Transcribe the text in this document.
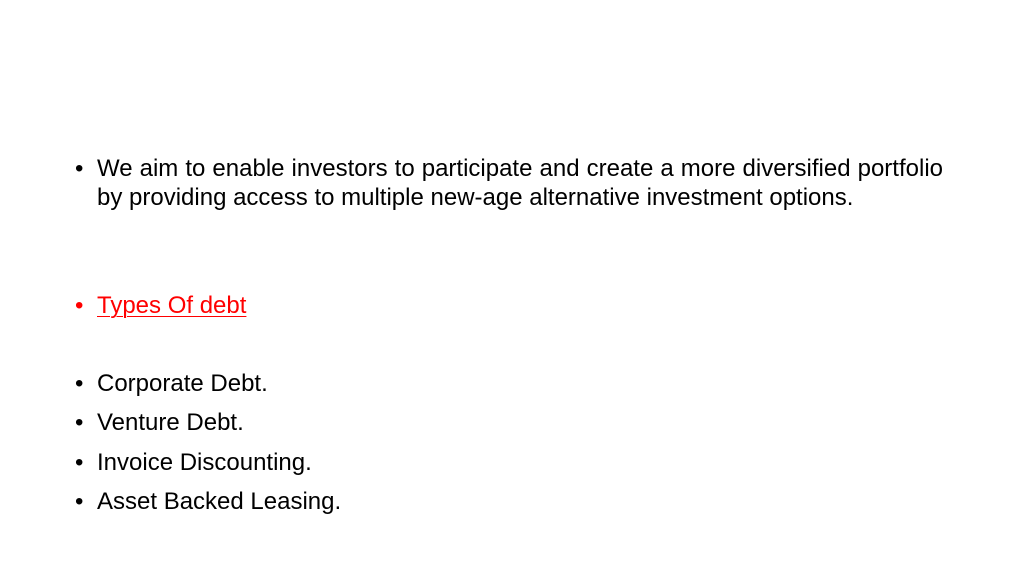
• We aim to enable investors to participate and create a more diversified portfolio by providing access to multiple new-age alternative investment options.
• Types Of debt
• Corporate Debt.
• Venture Debt.
• Invoice Discounting.
• Asset Backed Leasing.
